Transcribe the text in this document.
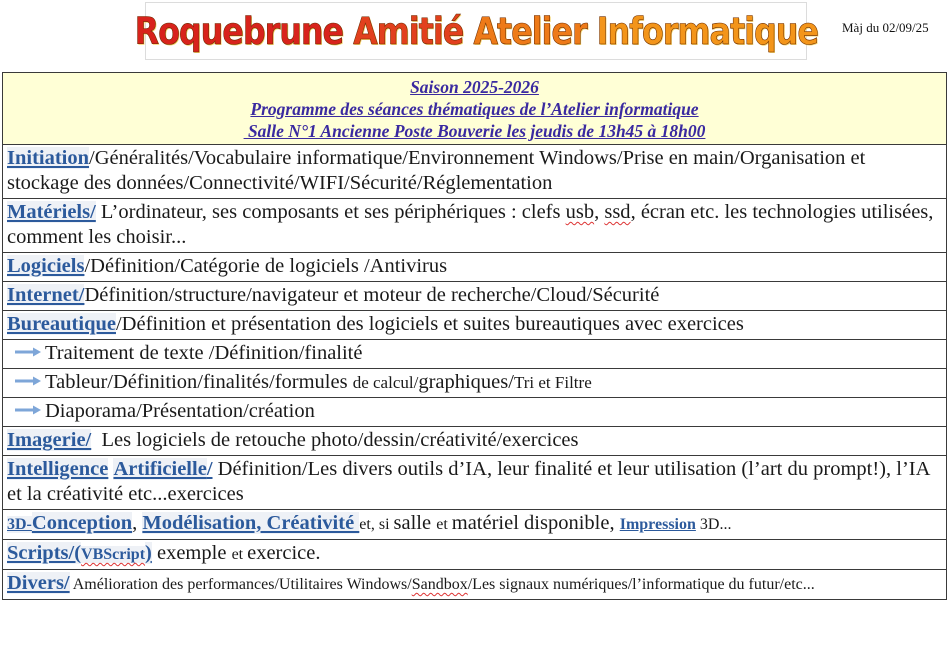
Roquebrune Amitié Atelier Informatique Màj du 02/09/25
Saison 2025-2026
Programme des séances thématiques de l’Atelier informatique
Salle N°1 Ancienne Poste Bouverie les jeudis de 13h45 à 18h00

Initiation/Généralités/Vocabulaire informatique/Environnement Windows/Prise en main/Organisation et stockage des données/Connectivité/WIFI/Sécurité/Réglementation
Matériels/ L’ordinateur, ses composants et ses périphériques : clefs usb, ssd, écran etc. les technologies utilisées, comment les choisir...
Logiciels/Définition/Catégorie de logiciels /Antivirus
Internet/Définition/structure/navigateur et moteur de recherche/Cloud/Sécurité
Bureautique/Définition et présentation des logiciels et suites bureautiques avec exercices
Traitement de texte /Définition/finalité
Tableur/Définition/finalités/formules de calcul/graphiques/Tri et Filtre
Diaporama/Présentation/création
Imagerie/  Les logiciels de retouche photo/dessin/créativité/exercices
Intelligence Artificielle/ Définition/Les divers outils d’IA, leur finalité et leur utilisation (l’art du prompt!), l’IA et la créativité etc...exercices
3D-Conception, Modélisation, Créativité et, si salle et matériel disponible, Impression 3D...
Scripts/(VBScript) exemple et exercice.
Divers/ Amélioration des performances/Utilitaires Windows/Sandbox/Les signaux numériques/l’informatique du futur/etc...
